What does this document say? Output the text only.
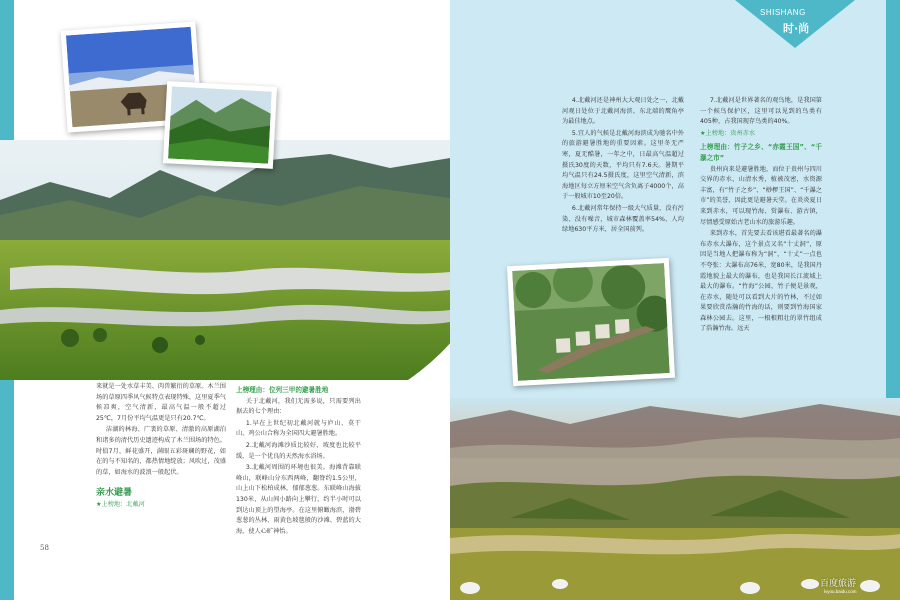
来就是一处水草丰美、肉兽繁衍的草原。木兰围场的草原四季风气候特点表现特殊，这里夏季气候凉爽，空气清新，最高气温一般不超过25℃，7月份平均气温更是只有20.7℃。

洁湖的林海、广袤的草原、清澈的高原湖泊和诸多的清代历史遗迹构成了木兰围场的特色。时值7月，鲜花盛开，满眼五彩斑斓的野花，如在的与不知名的，都热情地绽放；风吹过，茂盛的草，如海水的波浪一般起伏。

亲水避暑

★上榜地：北戴河

上榜理由：位列三甲的避暑胜地

关于北戴河，我们无需多说，只需要列出据去的七个理由：

1.早在上世纪初北戴河就与庐山、莫干山、鸡公山合称为全国四大避暑胜地。

2.北戴河海滩沙质比较好，坡度也比较平缓，是一个优良的天然海水浴场。

3.北戴河周围的环境也很美。海滩背靠联峰山，联峰山分东西两峰，翻脊约1.5公里，山上山下松柏成林，郁郁葱葱。东联峰山海拔130米，从山间小路向上攀行，约半小时可以到达山顶上的望海亭。在这里俯瞰海滨，渤碧葱葱的丛林、雨黄色坡毯般的沙滩、碧蓝的大海，使人心旷神怡。

58
SHISHANG
时·尚

4.北戴河还是神州大大观日处之一，北戴河观日处位于北戴河海滨、东北端的鹰角亭为最佳地点。

5.宜人的气候是北戴河海滨成为驰名中外的旅游避暑胜地的重要因素。这里冬无严寒，夏无酷暑，一年之中，日最高气温超过摄氏30度的天数，平均只有7.6天。暑期平均气温只有24.5摄氏度，这里空气清新，滨海地区每立方厘米空气含负离子4000个，高于一般城市10至20倍。

6.北戴河常年保持一级大气质量，没有污染、没有噪音，城市森林覆盖率54%，人均绿地630平方米，居全国前列。

7.北戴河是世界著名的观鸟地，是我国第一个候鸟保护区，这里可以见到的鸟类有405种，占我国现存鸟类的40%。

★上榜地：贵州赤水

上榜理由：竹子之乡、“赤霞王国”、“千瀑之市”

贵州向来是避暑胜地，而位于贵州与四川交界的赤水，山清水秀，植被茂密，水资源丰富，有“竹子之乡”、“桫椤王国”、“千瀑之市”的美誉，因此更是避暑天堂。在炎炎夏日来到赤水，可以现竹海、赏瀑布、游古镇，尽情感受原始古老山水的旅游乐趣。

来到赤水，首先要去看该堪看最著名的瀑布赤水大瀑布，这个景点又名“十丈洞”，原因是当地人把瀑布称为“洞”，“十丈”一点也不夸张：大瀑布高76米，宽80米，是我国丹霞地貌上最大的瀑布，也是我国长江流域上最大的瀑布。“竹海”公园，竹子便是景观，在赤水，随处可以看到大片的竹林，不过如果要欣赏浩瀚的竹海的话，则要到竹海国家森林公园去。这里，一根根粗壮的翠竹组成了浩瀚竹海。远天

百度旅游
lvyou.baidu.com
